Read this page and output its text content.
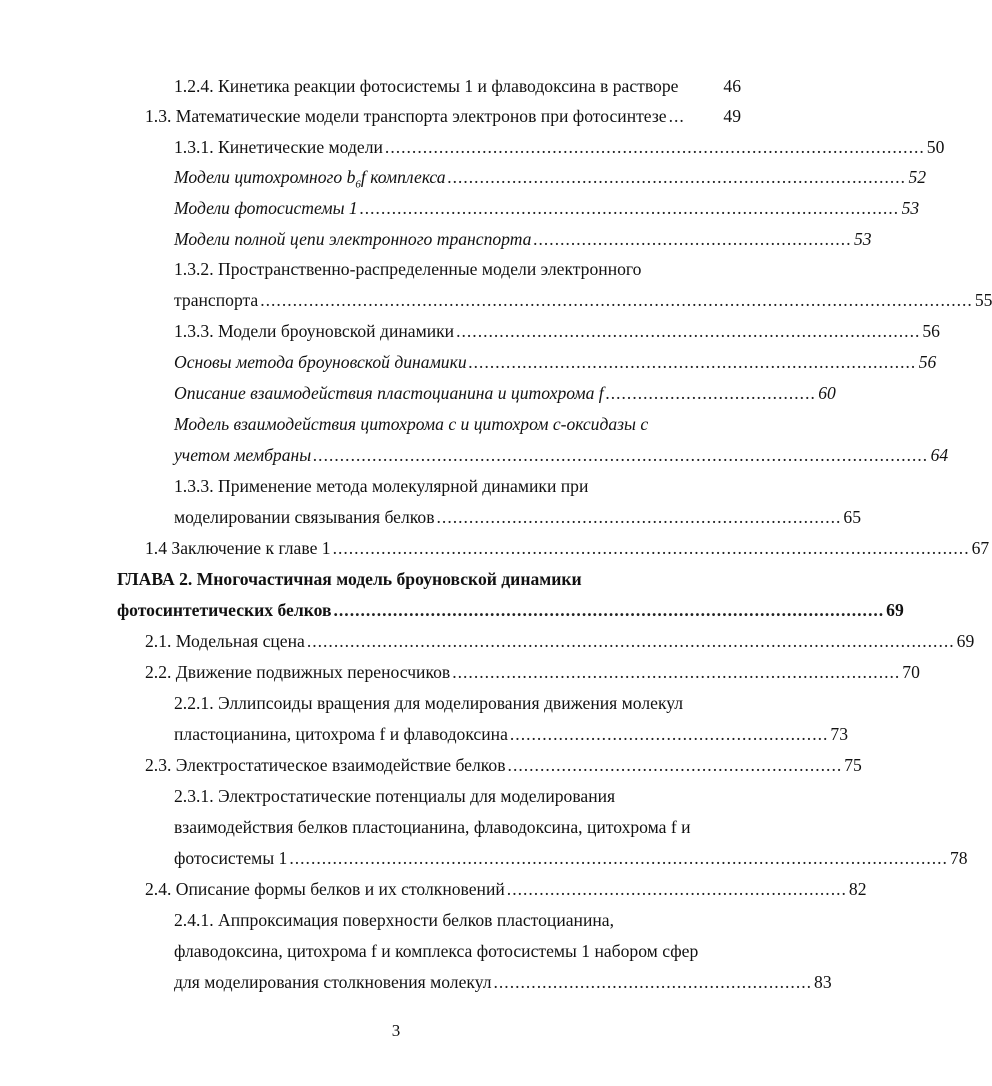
1.2.4. Кинетика реакции фотосистемы 1 и флаводоксина в растворе	46
1.3. Математические модели транспорта электронов при фотосинтезе ...	49
1.3.1. Кинетические модели .................................................................................................... 50
Модели цитохромного $b_6f$ комплекса ..................................................................................... 52
Модели фотосистемы 1 .................................................................................................... 53
Модели полной цепи электронного транспорта ........................................................... 53
1.3.2. Пространственно-распределенные модели электронного
транспорта .................................................................................................................................... 55
1.3.3. Модели броуновской динамики ...................................................................................... 56
Основы метода броуновской динамики ................................................................................... 56
Описание взаимодействия пластоцианина и цитохрома f ....................................... 60
Модель взаимодействия цитохрома с и цитохром с-оксидазы с
учетом мембраны .................................................................................................................. 64
1.3.3. Применение метода молекулярной динамики при
моделировании связывания белков ........................................................................... 65
1.4 Заключение к главе 1 ...................................................................................................................... 67
ГЛАВА 2. Многочастичная модель броуновской динамики
фотосинтетических белков ...................................................................................................... 69
2.1. Модельная сцена ........................................................................................................................ 69
2.2. Движение подвижных переносчиков ................................................................................... 70
2.2.1. Эллипсоиды вращения для моделирования движения молекул
пластоцианина, цитохрома f и флаводоксина ........................................................... 73
2.3. Электростатическое взаимодействие белков .............................................................. 75
2.3.1. Электростатические потенциалы для моделирования
взаимодействия белков пластоцианина, флаводоксина, цитохрома f и
фотосистемы 1 .......................................................................................................................... 78
2.4. Описание формы белков и их столкновений ............................................................... 82
2.4.1. Аппроксимация поверхности белков пластоцианина,
флаводоксина, цитохрома f и комплекса фотосистемы 1 набором сфер
для моделирования столкновения молекул ........................................................... 83
3
